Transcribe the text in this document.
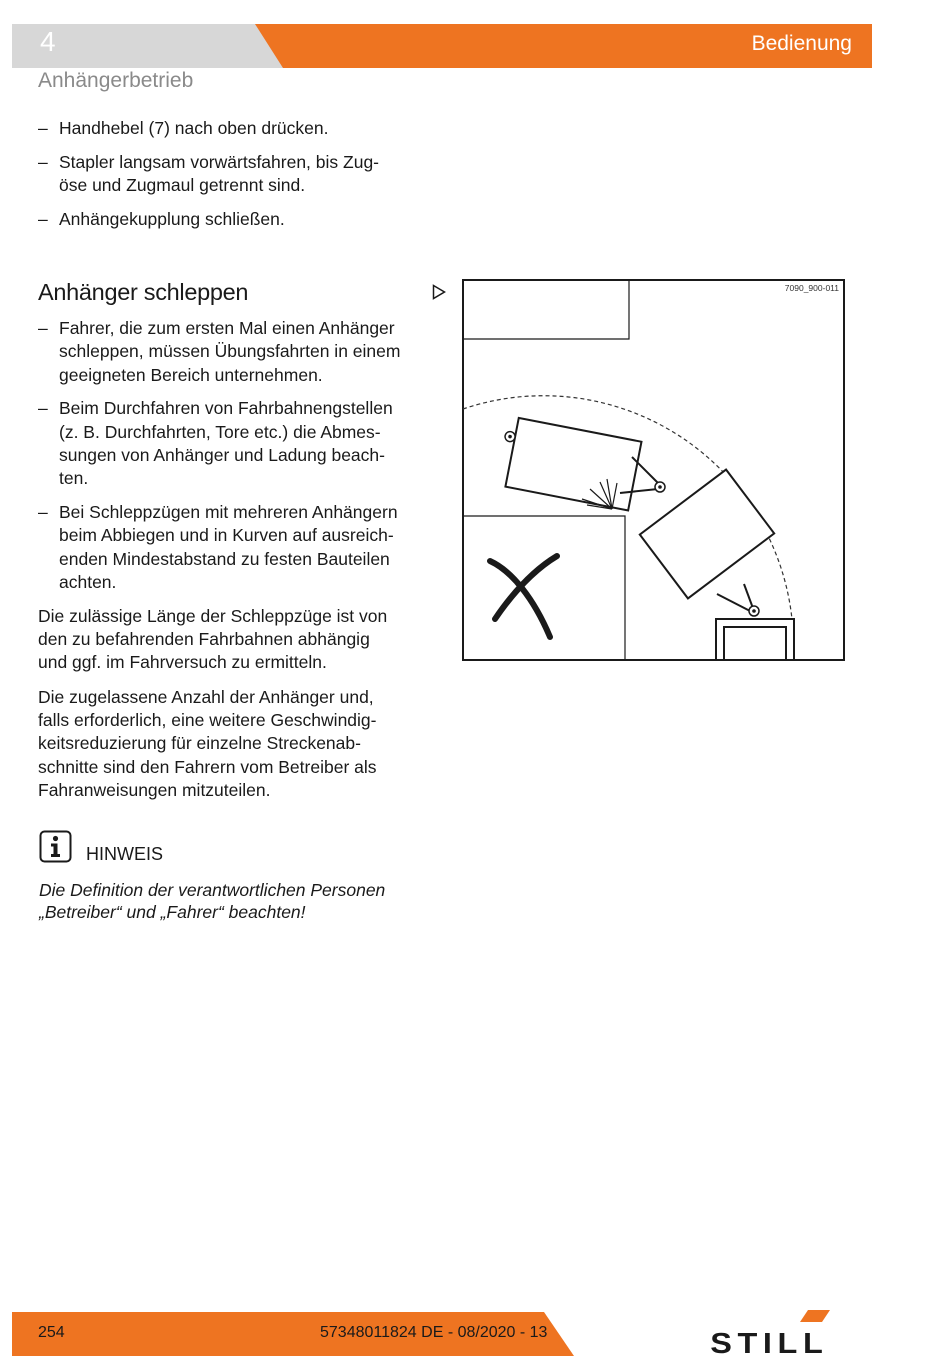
4	Bedienung
Anhängerbetrieb
– Handhebel (7) nach oben drücken.
– Stapler langsam vorwärtsfahren, bis Zug-
öse und Zugmaul getrennt sind.
– Anhängekupplung schließen.
Anhänger schleppen
– Fahrer, die zum ersten Mal einen Anhänger
schleppen, müssen Übungsfahrten in einem
geeigneten Bereich unternehmen.
– Beim Durchfahren von Fahrbahnengstellen
(z. B. Durchfahrten, Tore etc.) die Abmes-
sungen von Anhänger und Ladung beach-
ten.
– Bei Schleppzügen mit mehreren Anhängern
beim Abbiegen und in Kurven auf ausreich-
enden Mindestabstand zu festen Bauteilen
achten.
Die zulässige Länge der Schleppzüge ist von
den zu befahrenden Fahrbahnen abhängig
und ggf. im Fahrversuch zu ermitteln.
Die zugelassene Anzahl der Anhänger und,
falls erforderlich, eine weitere Geschwindig-
keitsreduzierung für einzelne Streckenab-
schnitte sind den Fahrern vom Betreiber als
Fahranweisungen mitzuteilen.
7090_900-011
HINWEIS
Die Definition der verantwortlichen Personen
„Betreiber“ und „Fahrer“ beachten!
254	57348011824 DE - 08/2020 - 13	STILL
